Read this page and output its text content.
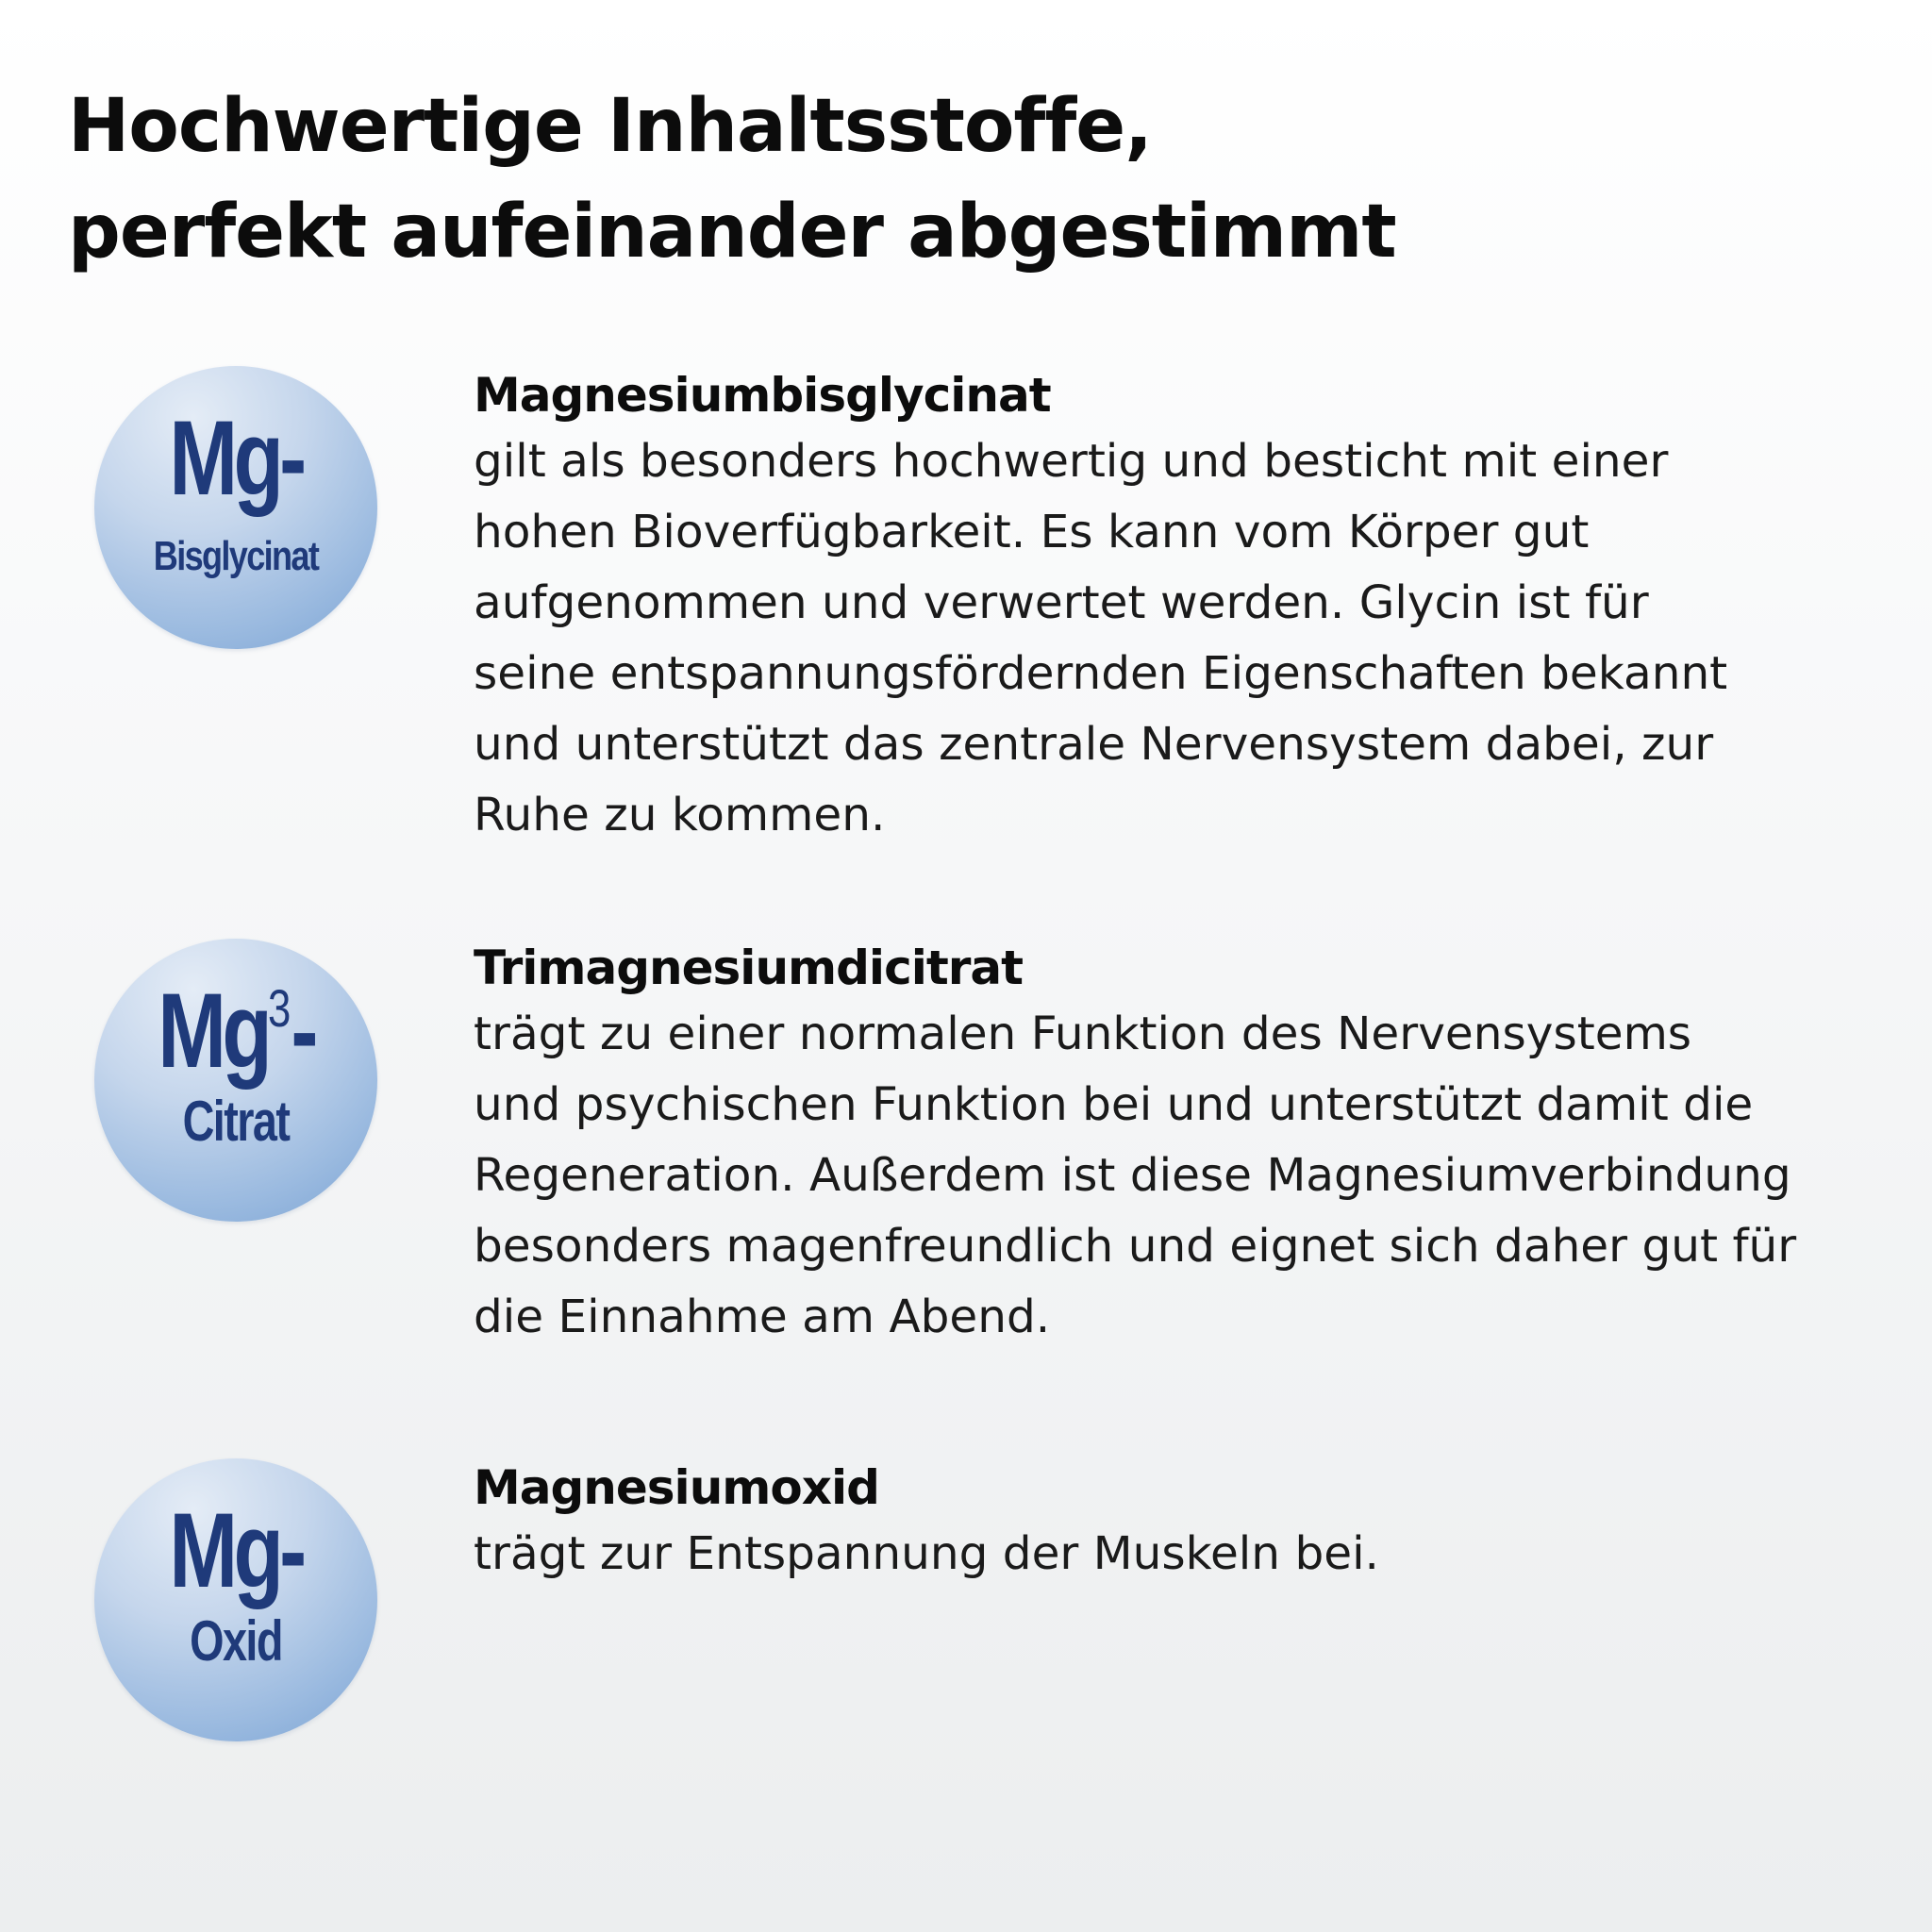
Hochwertige Inhaltsstoffe,
perfekt aufeinander abgestimmt
Mg-
Bisglycinat
Magnesiumbisglycinat

gilt als besonders hochwertig und besticht mit einer
hohen Bioverfügbarkeit. Es kann vom Körper gut
aufgenommen und verwertet werden. Glycin ist für
seine entspannungsfördernden Eigenschaften bekannt
und unterstützt das zentrale Nervensystem dabei, zur
Ruhe zu kommen.

Mg$^3$-
Citrat
Trimagnesiumdicitrat

trägt zu einer normalen Funktion des Nervensystems
und psychischen Funktion bei und unterstützt damit die
Regeneration. Außerdem ist diese Magnesiumverbindung
besonders magenfreundlich und eignet sich daher gut für
die Einnahme am Abend.

Mg-
Oxid
Magnesiumoxid

trägt zur Entspannung der Muskeln bei.
